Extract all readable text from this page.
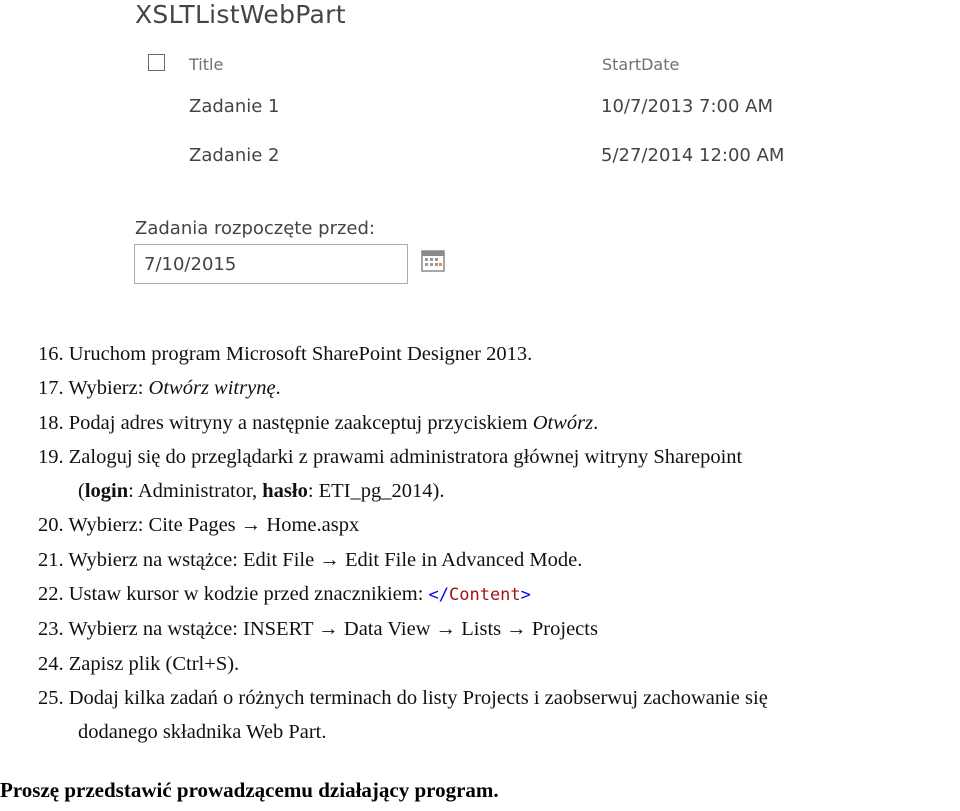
XSLTListWebPart
Title	StartDate
Zadanie 1	10/7/2013 7:00 AM
Zadanie 2	5/27/2014 12:00 AM
Zadania rozpoczęte przed:
7/10/2015
16. Uruchom program Microsoft SharePoint Designer 2013.
17. Wybierz: Otwórz witrynę.
18. Podaj adres witryny a następnie zaakceptuj przyciskiem Otwórz.
19. Zaloguj się do przeglądarki z prawami administratora głównej witryny Sharepoint
(login: Administrator, hasło: ETI_pg_2014).
20. Wybierz: Cite Pages → Home.aspx
21. Wybierz na wstążce: Edit File → Edit File in Advanced Mode.
22. Ustaw kursor w kodzie przed znacznikiem: </Content>
23. Wybierz na wstążce: INSERT → Data View → Lists → Projects
24. Zapisz plik (Ctrl+S).
25. Dodaj kilka zadań o różnych terminach do listy Projects i zaobserwuj zachowanie się
dodanego składnika Web Part.
Proszę przedstawić prowadzącemu działający program.
